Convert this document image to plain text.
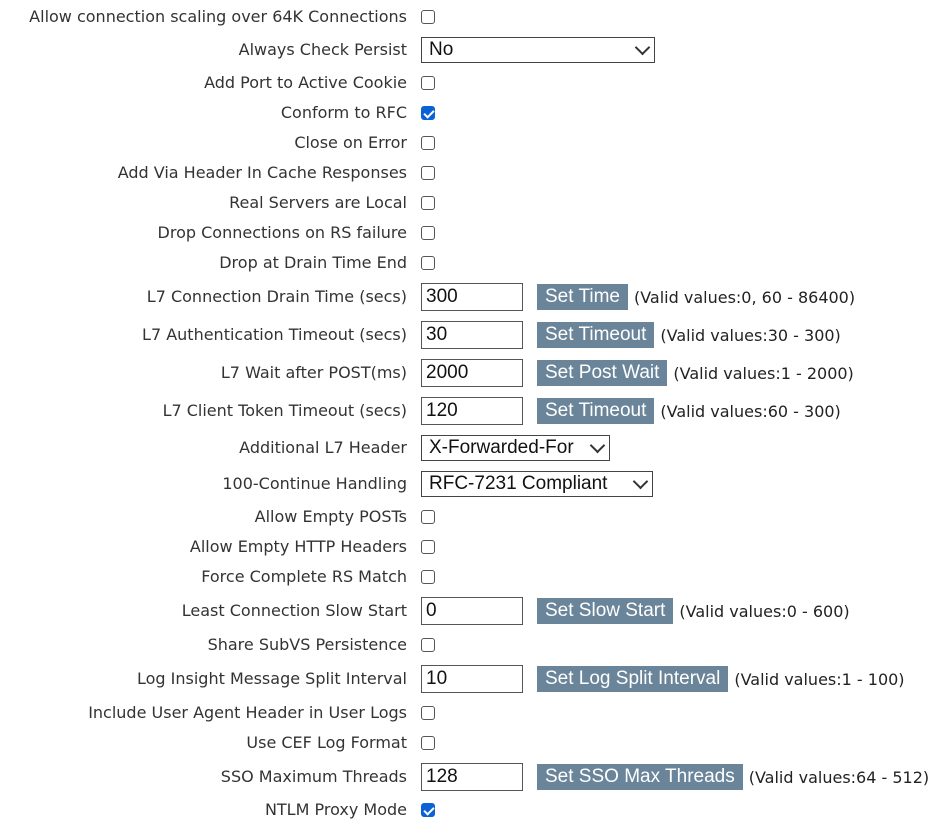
Allow connection scaling over 64K Connections
Always Check Persist No
Add Port to Active Cookie
Conform to RFC
Close on Error
Add Via Header In Cache Responses
Real Servers are Local
Drop Connections on RS failure
Drop at Drain Time End
L7 Connection Drain Time (secs) 300	Set Time (Valid values:0, 60 - 86400)
L7 Authentication Timeout (secs) 30	Set Timeout (Valid values:30 - 300)
L7 Wait after POST(ms) 2000	Set Post Wait (Valid values:1 - 2000)
L7 Client Token Timeout (secs) 120	Set Timeout (Valid values:60 - 300)
Additional L7 Header X-Forwarded-For
100-Continue Handling RFC-7231 Compliant
Allow Empty POSTs
Allow Empty HTTP Headers
Force Complete RS Match
Least Connection Slow Start 0	Set Slow Start (Valid values:0 - 600)
Share SubVS Persistence
Log Insight Message Split Interval 10	Set Log Split Interval (Valid values:1 - 100)
Include User Agent Header in User Logs
Use CEF Log Format
SSO Maximum Threads 128	Set SSO Max Threads (Valid values:64 - 512)
NTLM Proxy Mode
